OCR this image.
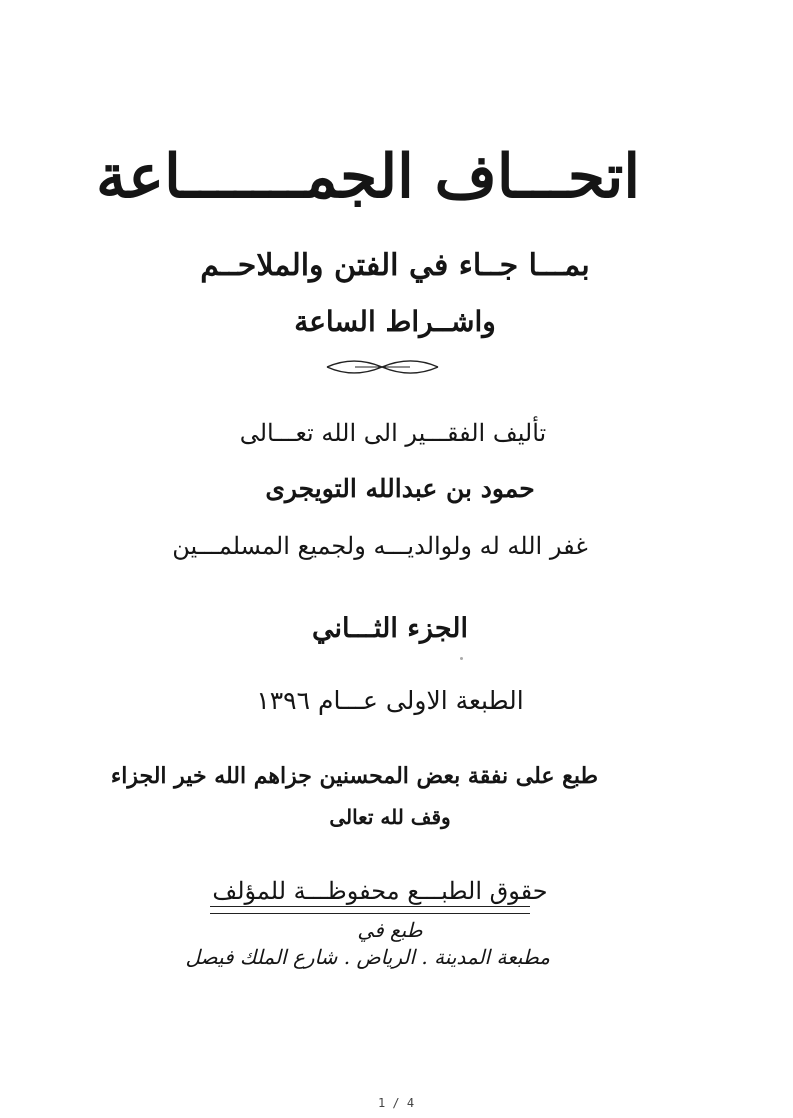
اتحـــاف الجمـــــــاعة
بمـــا جــاء في الفتن والملاحــم
واشــراط الساعة
تأليف الفقـــير الى الله تعـــالى
حمود بن عبدالله التويجرى
غفر الله له ولوالديـــه ولجميع المسلمـــين
الجزء الثـــاني
الطبعة الاولى عـــام ١٣٩٦
طبع على نفقة بعض المحسنين جزاهم الله خير الجزاء
وقف لله تعالى
حقوق الطبـــع محفوظـــة للمؤلف
طبع في
مطبعة المدينة . الرياض . شارع الملك فيصل
1 / 4
